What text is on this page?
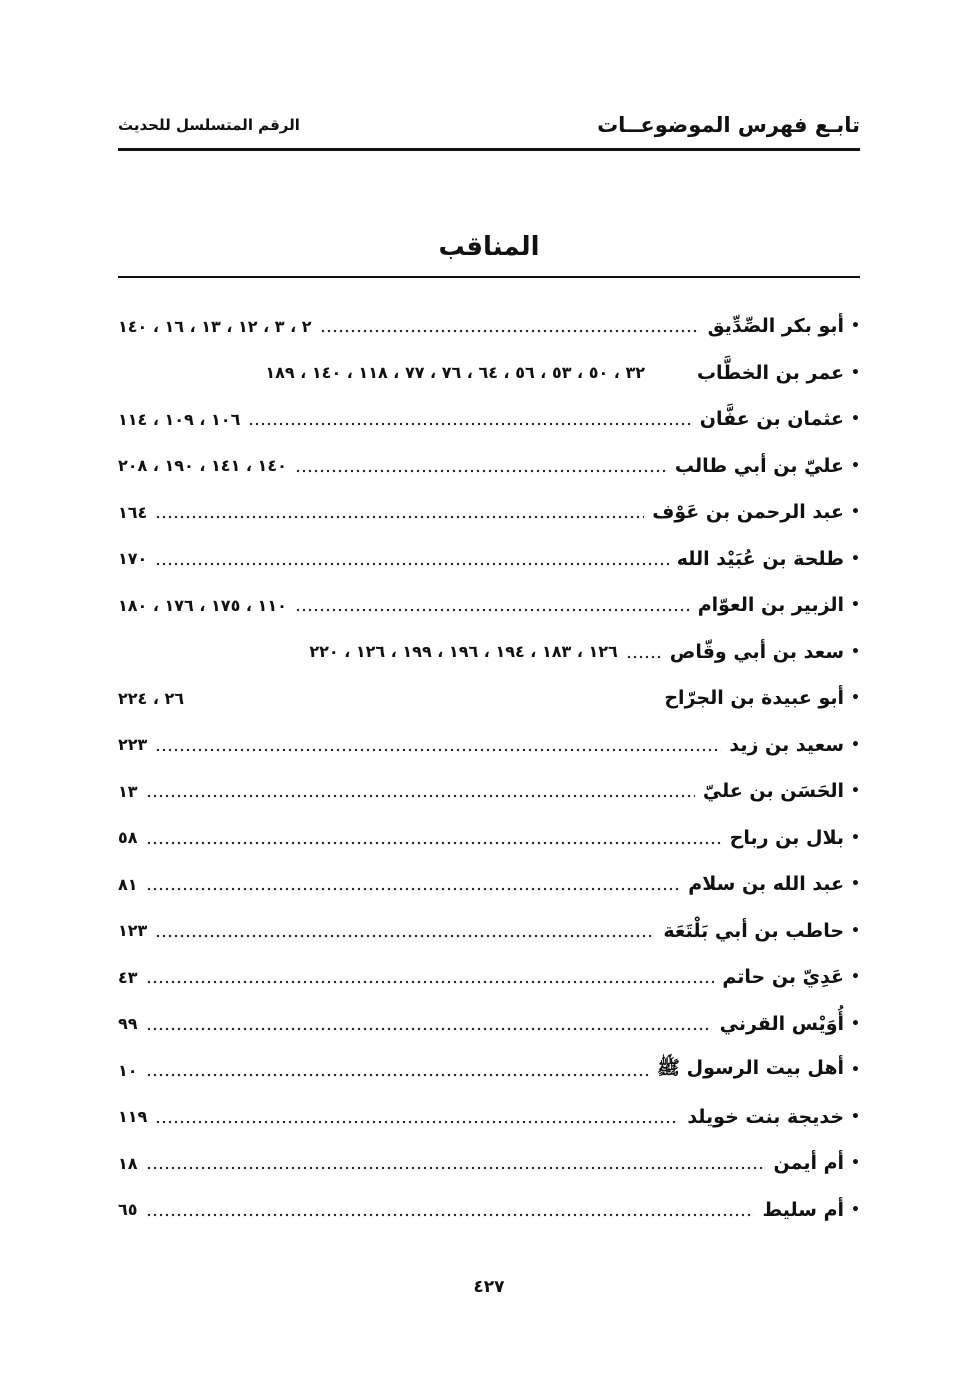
تابـع فهرس الموضوعــات
الرقم المتسلسل للحديث
المناقب
•
أبو بكر الصِّدِّيق
٢ ، ٣ ، ١٢ ، ١٣ ، ١٦ ، ١٤٠
•
عمر بن الخطَّاب
٣٢ ، ٥٠ ، ٥٣ ، ٥٦ ، ٦٤ ، ٧٦ ، ٧٧ ، ١١٨ ، ١٤٠ ، ١٨٩
•
عثمان بن عفَّان
١٠٦ ، ١٠٩ ، ١١٤
•
عليّ بن أبي طالب
١٤٠ ، ١٤١ ، ١٩٠ ، ٢٠٨
•
عبد الرحمن بن عَوْف
١٦٤
•
طلحة بن عُبَيْد الله
١٧٠
•
الزبير بن العوّام
١١٠ ، ١٧٥ ، ١٧٦ ، ١٨٠
•
سعد بن أبي وقّاص
١٢٦ ، ١٨٣ ، ١٩٤ ، ١٩٦ ، ١٩٩ ، ١٢٦ ، ٢٢٠
•
أبو عبيدة بن الجرّاح
٢٦ ، ٢٢٤
•
سعيد بن زيد
٢٢٣
•
الحَسَن بن عليّ
١٣
•
بلال بن رباح
٥٨
•
عبد الله بن سلام
٨١
•
حاطب بن أبي بَلْتَعَة
١٢٣
•
عَدِيّ بن حاتم
٤٣
•
أُوَيْس القرني
٩٩
•
أهل بيت الرسول ﷺ
١٠
•
خديجة بنت خويلد
١١٩
•
أم أيمن
١٨
•
أم سليط
٦٥
٤٢٧
